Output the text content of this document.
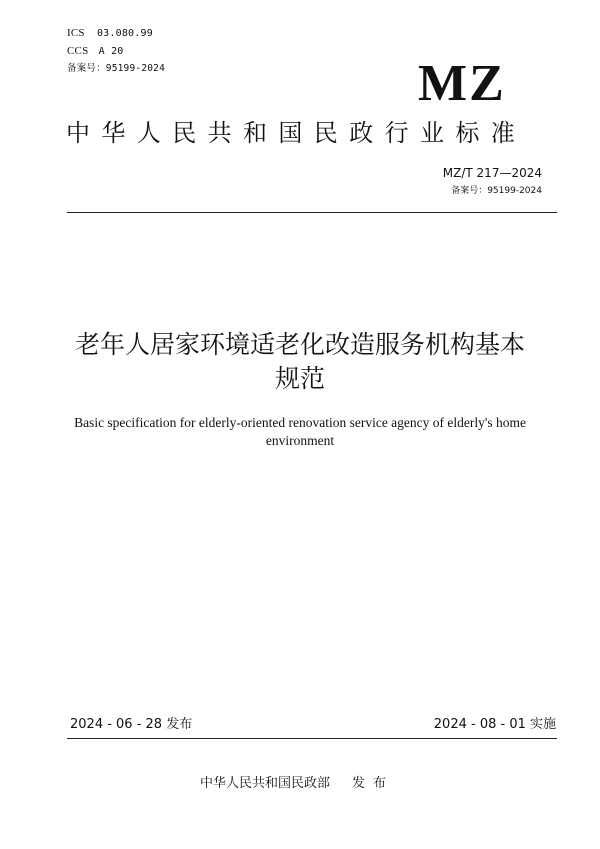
ICS 03.080.99
CCS A 20
备案号：95199-2024	MZ
中华人民共和国民政行业标准
MZ/T 217—2024
备案号：95199-2024
老年人居家环境适老化改造服务机构基本
规范
Basic specification for elderly-oriented renovation service agency of elderly's home
environment
2024 - 06 - 28 发布	2024 - 08 - 01 实施
中华人民共和国民政部 发布
